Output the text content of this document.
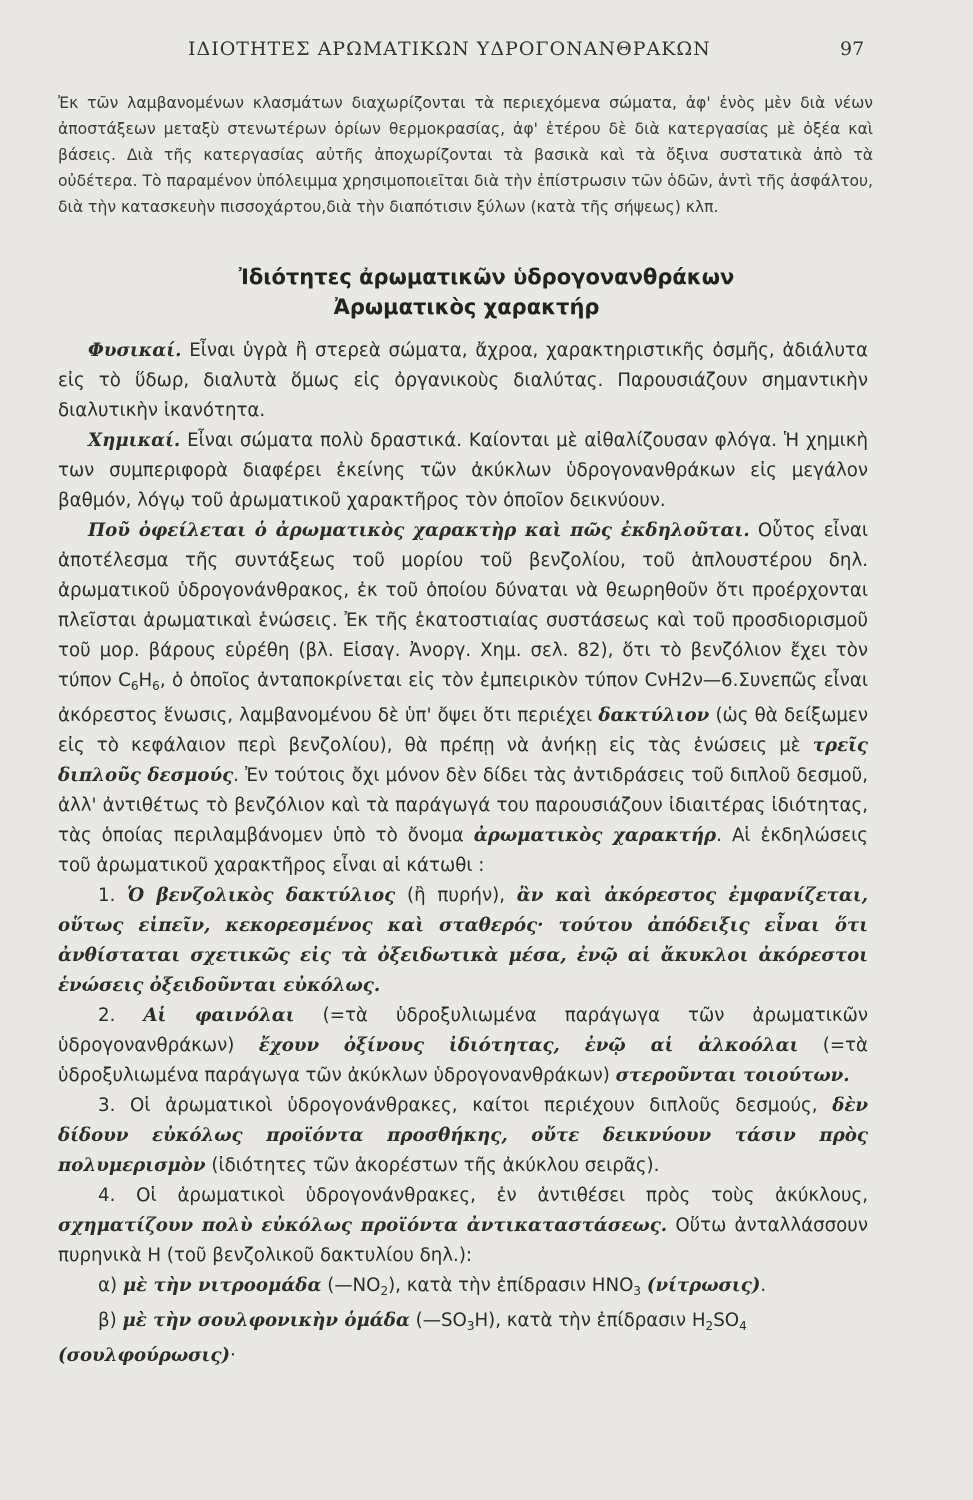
ΙΔΙΟΤΗΤΕΣ ΑΡΩΜΑΤΙΚΩΝ ΥΔΡΟΓΟΝΑΝΘΡΑΚΩΝ	97

Ἐκ τῶν λαμβανομένων κλασμάτων διαχωρίζονται τὰ περιεχόμενα σώματα, ἀφ' ἑνὸς μὲν διὰ νέων ἀποστάξεων μεταξὺ στενωτέρων ὁρίων θερμοκρασίας, ἀφ' ἑτέρου δὲ διὰ κατεργασίας μὲ ὀξέα καὶ βάσεις. Διὰ τῆς κατεργασίας αὐτῆς ἀποχωρίζονται τὰ βασικὰ καὶ τὰ ὄξινα συστατικὰ ἀπὸ τὰ οὐδέτερα. Τὸ παραμένον ὑπόλειμμα χρησιμοποιεῖται διὰ τὴν ἐπίστρωσιν τῶν ὁδῶν, ἀντὶ τῆς ἀσφάλτου, διὰ τὴν κατασκευὴν πισσοχάρτου,διὰ τὴν διαπότισιν ξύλων (κατὰ τῆς σήψεως) κλπ.

Ἰδιότητες ἀρωματικῶν ὑδρογονανθράκων
Ἀρωματικὸς χαρακτήρ

Φυσικαί. Εἶναι ὑγρὰ ἢ στερεὰ σώματα, ἄχροα, χαρακτηριστικῆς ὀσμῆς, ἀδιάλυτα εἰς τὸ ὕδωρ, διαλυτὰ ὅμως εἰς ὀργανικοὺς διαλύτας. Παρουσιάζουν σημαντικὴν διαλυτικὴν ἱκανότητα.

Χημικαί. Εἶναι σώματα πολὺ δραστικά. Καίονται μὲ αἰθαλίζουσαν φλόγα. Ἡ χημικὴ των συμπεριφορὰ διαφέρει ἐκείνης τῶν ἀκύκλων ὑδρογονανθράκων εἰς μεγάλον βαθμόν, λόγῳ τοῦ ἀρωματικοῦ χαρακτῆρος τὸν ὁποῖον δεικνύουν.

Ποῦ ὀφείλεται ὁ ἀρωματικὸς χαρακτὴρ καὶ πῶς ἐκδηλοῦται. Οὗτος εἶναι ἀποτέλεσμα τῆς συντάξεως τοῦ μορίου τοῦ βενζολίου, τοῦ ἁπλουστέρου δηλ. ἀρωματικοῦ ὑδρογονάνθρακος, ἐκ τοῦ ὁποίου δύναται νὰ θεωρηθοῦν ὅτι προέρχονται πλεῖσται ἀρωματικαὶ ἑνώσεις. Ἐκ τῆς ἑκατοστιαίας συστάσεως καὶ τοῦ προσδιορισμοῦ τοῦ μορ. βάρους εὑρέθη (βλ. Εἰσαγ. Ἀνοργ. Χημ. σελ. 82), ὅτι τὸ βενζόλιον ἔχει τὸν τύπον $C_6H_6$, ὁ ὁποῖος ἀνταποκρίνεται εἰς τὸν ἐμπειρικὸν τύπον CνH2ν—6.Συνεπῶς εἶναι ἀκόρεστος ἕνωσις, λαμβανομένου δὲ ὑπ' ὄψει ὅτι περιέχει δακτύλιον (ὡς θὰ δείξωμεν εἰς τὸ κεφάλαιον περὶ βενζολίου), θὰ πρέπῃ νὰ ἀνήκῃ εἰς τὰς ἑνώσεις μὲ τρεῖς διπλοῦς δεσμούς. Ἐν τούτοις ὄχι μόνον δὲν δίδει τὰς ἀντιδράσεις τοῦ διπλοῦ δεσμοῦ, ἀλλ' ἀντιθέτως τὸ βενζόλιον καὶ τὰ παράγωγά του παρουσιάζουν ἰδιαιτέρας ἰδιότητας, τὰς ὁποίας περιλαμβάνομεν ὑπὸ τὸ ὄνομα ἀρωματικὸς χαρακτήρ. Αἱ ἐκδηλώσεις τοῦ ἀρωματικοῦ χαρακτῆρος εἶναι αἱ κάτωθι :

1. Ὁ βενζολικὸς δακτύλιος (ἢ πυρήν), ἂν καὶ ἀκόρεστος ἐμφανίζεται, οὕτως εἰπεῖν, κεκορεσμένος καὶ σταθερός· τούτου ἀπόδειξις εἶναι ὅτι ἀνθίσταται σχετικῶς εἰς τὰ ὀξειδωτικὰ μέσα, ἐνῷ αἱ ἄκυκλοι ἀκόρεστοι ἑνώσεις ὀξειδοῦνται εὐκόλως.

2. Αἱ φαινόλαι (=τὰ ὑδροξυλιωμένα παράγωγα τῶν ἀρωματικῶν ὑδρογονανθράκων) ἔχουν ὀξίνους ἰδιότητας, ἐνῷ αἱ ἀλκοόλαι (=τὰ ὑδροξυλιωμένα παράγωγα τῶν ἀκύκλων ὑδρογονανθράκων) στεροῦνται τοιούτων.

3. Οἱ ἀρωματικοὶ ὑδρογονάνθρακες, καίτοι περιέχουν διπλοῦς δεσμούς, δὲν δίδουν εὐκόλως προϊόντα προσθήκης, οὔτε δεικνύουν τάσιν πρὸς πολυμερισμὸν (ἰδιότητες τῶν ἀκορέστων τῆς ἀκύκλου σειρᾶς).

4. Οἱ ἀρωματικοὶ ὑδρογονάνθρακες, ἐν ἀντιθέσει πρὸς τοὺς ἀκύκλους, σχηματίζουν πολὺ εὐκόλως προϊόντα ἀντικαταστάσεως. Οὕτω ἀνταλλάσσουν πυρηνικὰ H (τοῦ βενζολικοῦ δακτυλίου δηλ.):

α) μὲ τὴν νιτροομάδα $(—NO_2)$, κατὰ τὴν ἐπίδρασιν $HNO_3$ (νίτρωσις).

β) μὲ τὴν σουλφονικὴν ὁμάδα $(—SO_3H)$, κατὰ τὴν ἐπίδρασιν $H_2SO_4$

(σουλφούρωσις)·
